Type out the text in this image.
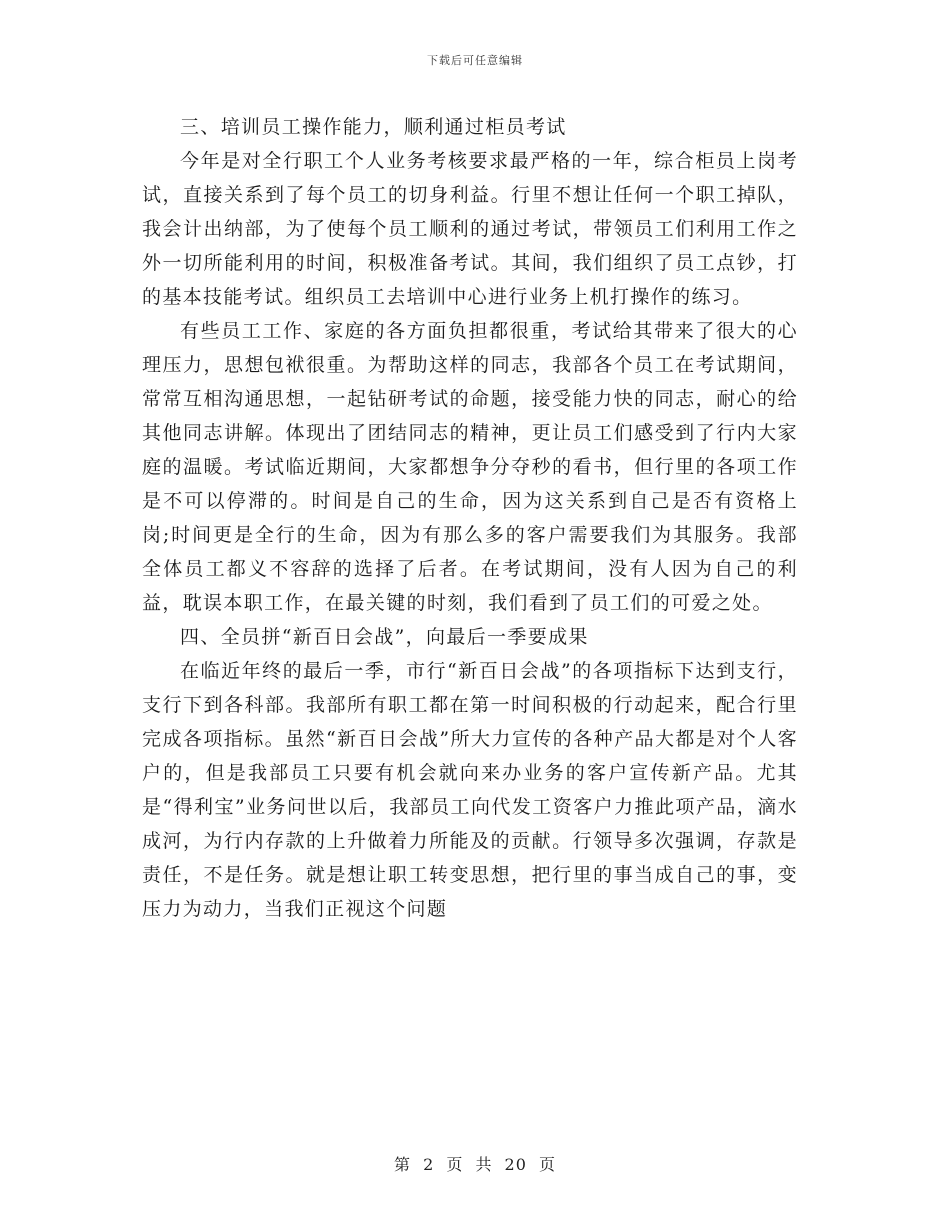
下载后可任意编辑

三、培训员工操作能力，顺利通过柜员考试

今年是对全行职工个人业务考核要求最严格的一年，综合柜员上岗考试，直接关系到了每个员工的切身利益。行里不想让任何一个职工掉队，我会计出纳部，为了使每个员工顺利的通过考试，带领员工们利用工作之外一切所能利用的时间，积极准备考试。其间，我们组织了员工点钞，打的基本技能考试。组织员工去培训中心进行业务上机打操作的练习。

有些员工工作、家庭的各方面负担都很重，考试给其带来了很大的心理压力，思想包袱很重。为帮助这样的同志，我部各个员工在考试期间，常常互相沟通思想，一起钻研考试的命题，接受能力快的同志，耐心的给其他同志讲解。体现出了团结同志的精神，更让员工们感受到了行内大家庭的温暖。考试临近期间，大家都想争分夺秒的看书，但行里的各项工作是不可以停滞的。时间是自己的生命，因为这关系到自己是否有资格上岗;时间更是全行的生命，因为有那么多的客户需要我们为其服务。我部全体员工都义不容辞的选择了后者。在考试期间，没有人因为自己的利益，耽误本职工作，在最关键的时刻，我们看到了员工们的可爱之处。

四、全员拼“新百日会战”，向最后一季要成果

在临近年终的最后一季，市行“新百日会战”的各项指标下达到支行，支行下到各科部。我部所有职工都在第一时间积极的行动起来，配合行里完成各项指标。虽然“新百日会战”所大力宣传的各种产品大都是对个人客户的，但是我部员工只要有机会就向来办业务的客户宣传新产品。尤其是“得利宝”业务问世以后，我部员工向代发工资客户力推此项产品，滴水成河，为行内存款的上升做着力所能及的贡献。行领导多次强调，存款是责任，不是任务。就是想让职工转变思想，把行里的事当成自己的事，变压力为动力，当我们正视这个问题

第 2 页 共 20 页
